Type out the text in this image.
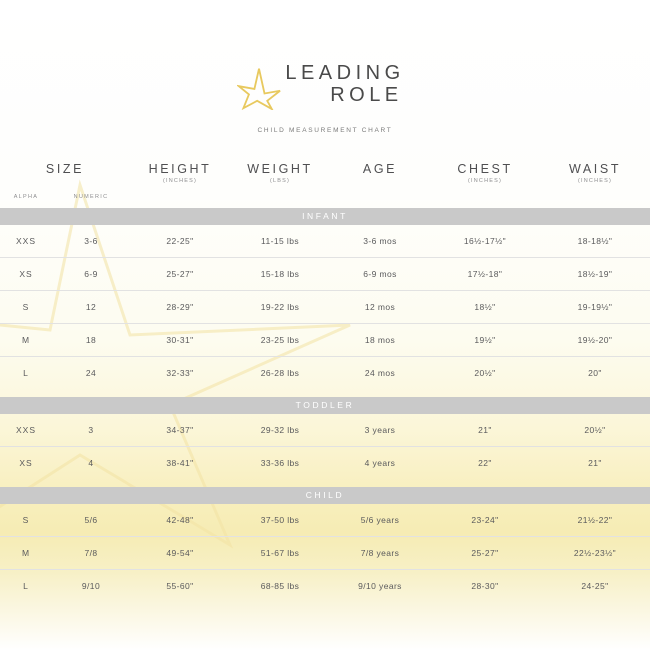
LEADING
ROLE
CHILD MEASUREMENT CHART
SIZE		HEIGHT	WEIGHT	AGE	CHEST	WAIST
		(INCHES)	(LBS)		(INCHES)	(INCHES)
ALPHA	NUMERIC					
INFANT						
XXS	3-6	22-25"	11-15 lbs	3-6 mos	16½-17½"	18-18½"
XS	6-9	25-27"	15-18 lbs	6-9 mos	17½-18"	18½-19"
S	12	28-29"	19-22 lbs	12 mos	18½"	19-19½"
M	18	30-31"	23-25 lbs	18 mos	19½"	19½-20"
L	24	32-33"	26-28 lbs	24 mos	20½"	20"

TODDLER						
XXS	3	34-37"	29-32 lbs	3 years	21"	20½"
XS	4	38-41"	33-36 lbs	4 years	22"	21"

CHILD						
S	5/6	42-48"	37-50 lbs	5/6 years	23-24"	21½-22"
M	7/8	49-54"	51-67 lbs	7/8 years	25-27"	22½-23½"
L	9/10	55-60"	68-85 lbs	9/10 years	28-30"	24-25"
